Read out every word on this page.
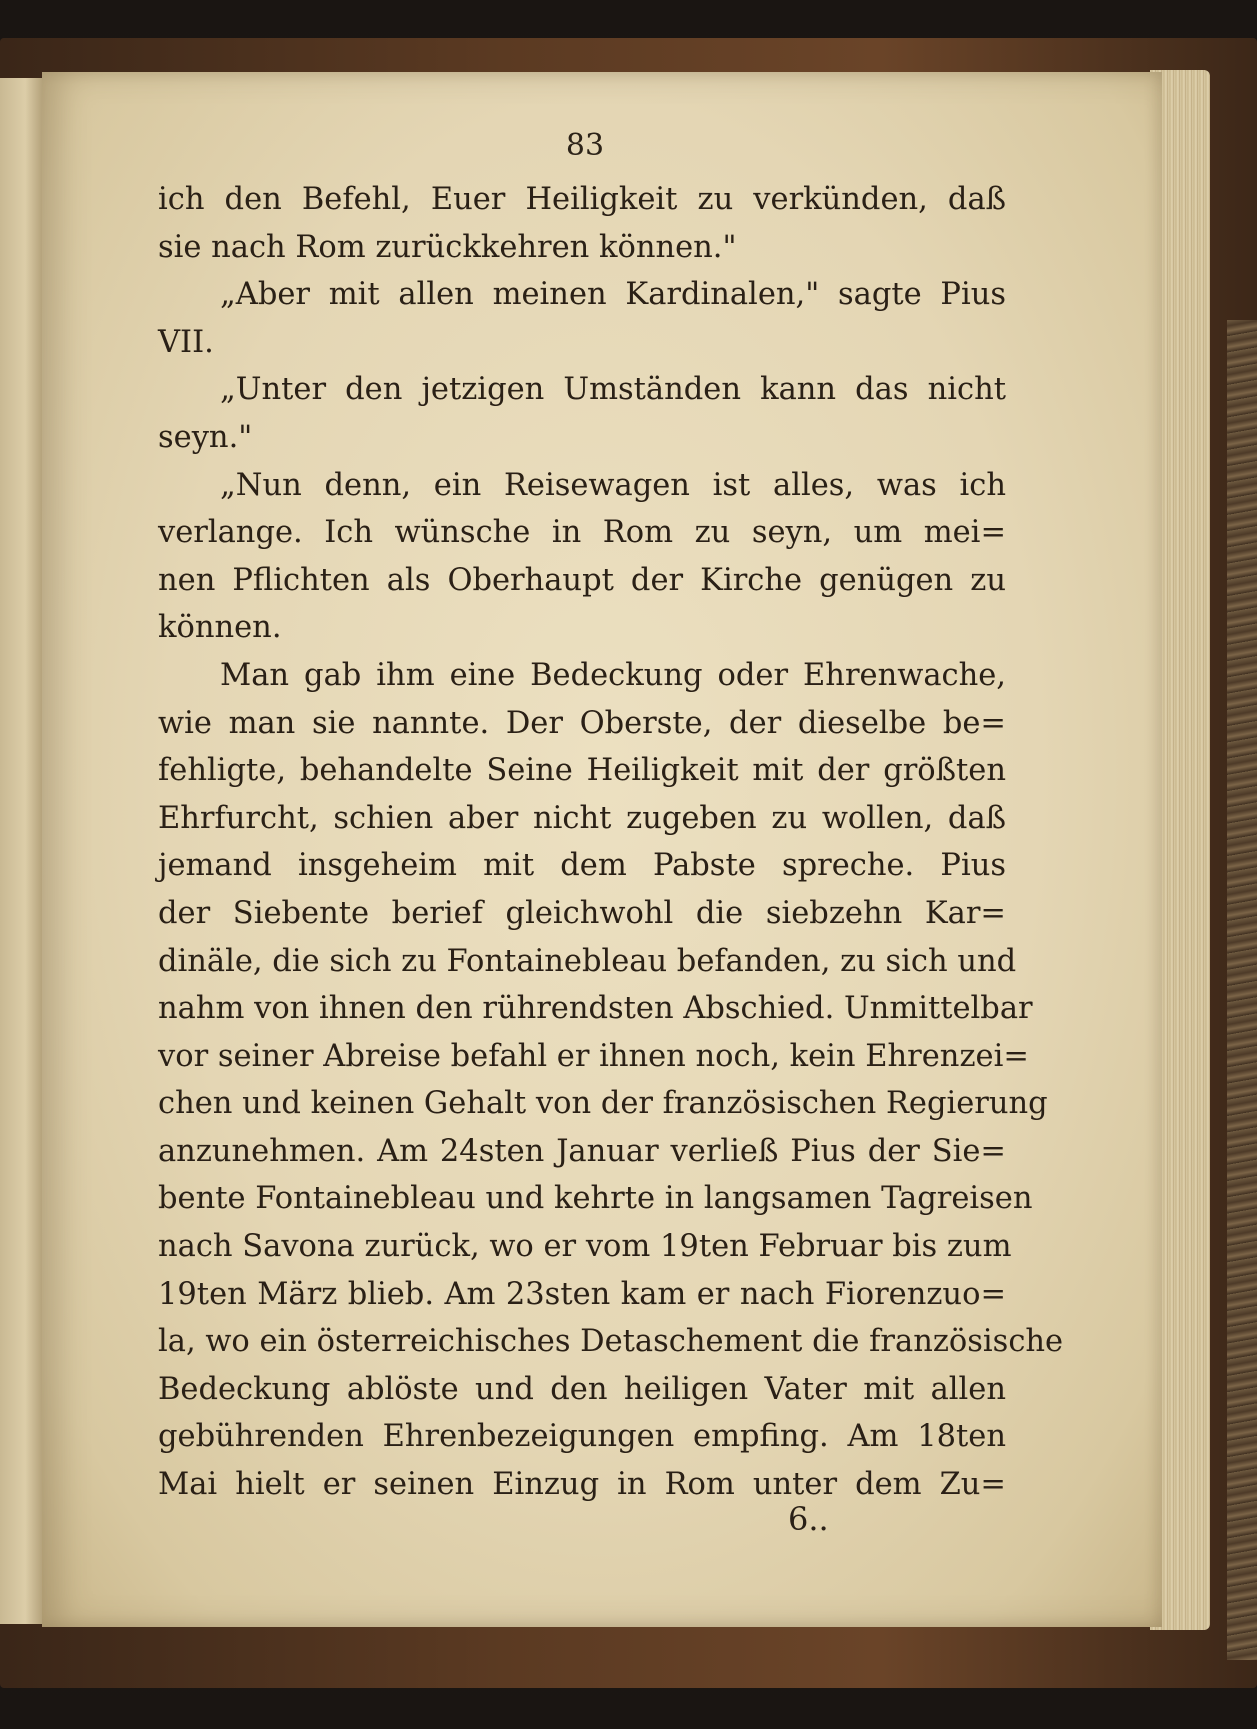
83
ich den Befehl, Euer Heiligkeit zu verkünden, daß
sie nach Rom zurückkehren können."
„Aber mit allen meinen Kardinalen," sagte Pius
VII.
„Unter den jetzigen Umständen kann das nicht
seyn."
„Nun denn, ein Reisewagen ist alles, was ich
verlange. Ich wünsche in Rom zu seyn, um mei=
nen Pflichten als Oberhaupt der Kirche genügen zu
können.
Man gab ihm eine Bedeckung oder Ehrenwache,
wie man sie nannte. Der Oberste, der dieselbe be=
fehligte, behandelte Seine Heiligkeit mit der größten
Ehrfurcht, schien aber nicht zugeben zu wollen, daß
jemand insgeheim mit dem Pabste spreche. Pius
der Siebente berief gleichwohl die siebzehn Kar=
dinäle, die sich zu Fontainebleau befanden, zu sich und
nahm von ihnen den rührendsten Abschied. Unmittelbar
vor seiner Abreise befahl er ihnen noch, kein Ehrenzei=
chen und keinen Gehalt von der französischen Regierung
anzunehmen. Am 24sten Januar verließ Pius der Sie=
bente Fontainebleau und kehrte in langsamen Tagreisen
nach Savona zurück, wo er vom 19ten Februar bis zum
19ten März blieb. Am 23sten kam er nach Fiorenzuo=
la, wo ein österreichisches Detaschement die französische
Bedeckung ablöste und den heiligen Vater mit allen
gebührenden Ehrenbezeigungen empfing. Am 18ten
Mai hielt er seinen Einzug in Rom unter dem Zu=
6..
